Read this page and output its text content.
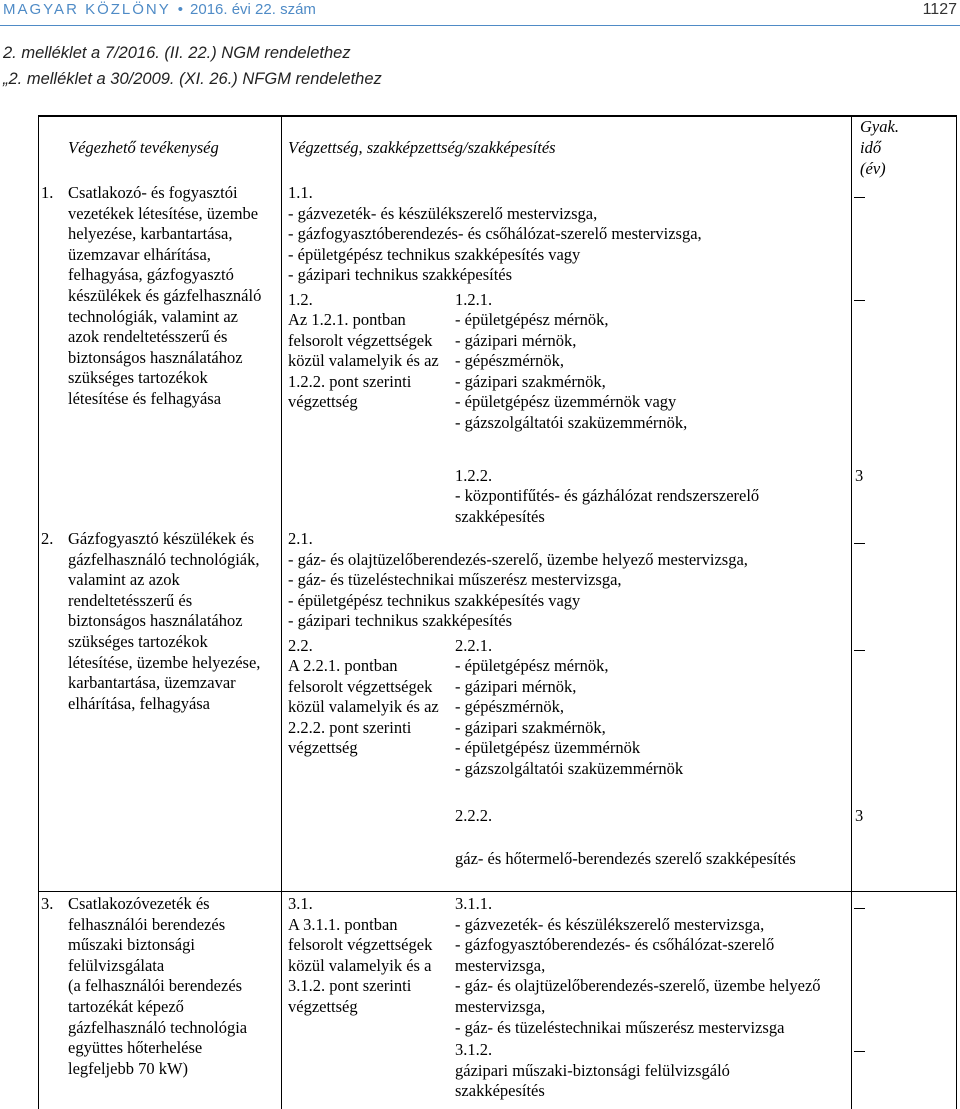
MAGYAR KÖZLÖNY • 2016. évi 22. szám	1127
2. melléklet a 7/2016. (II. 22.) NGM rendelethez
„2. melléklet a 30/2009. (XI. 26.) NFGM rendelethez
Végezhető tevékenység	Végzettség, szakképzettség/szakképesítés
Gyak.
idő
(év)
1. Csatlakozó- és fogyasztói
vezetékek létesítése, üzembe
helyezése, karbantartása,
üzemzavar elhárítása,
felhagyása, gázfogyasztó
készülékek és gázfelhasználó
technológiák, valamint az
azok rendeltetésszerű és
biztonságos használatához
szükséges tartozékok
létesítése és felhagyása
1.1.
- gázvezeték- és készülékszerelő mestervizsga,
- gázfogyasztóberendezés- és csőhálózat-szerelő mestervizsga,
- épületgépész technikus szakképesítés vagy
- gázipari technikus szakképesítés
1.2.
Az 1.2.1. pontban
felsorolt végzettségek
közül valamelyik és az
1.2.2. pont szerinti
végzettség
1.2.1.
- épületgépész mérnök,
- gázipari mérnök,
- gépészmérnök,
- gázipari szakmérnök,
- épületgépész üzemmérnök vagy
- gázszolgáltatói szaküzemmérnök,
1.2.2.
- központifűtés- és gázhálózat rendszerszerelő
szakképesítés
3
2. Gázfogyasztó készülékek és
gázfelhasználó technológiák,
valamint az azok
rendeltetésszerű és
biztonságos használatához
szükséges tartozékok
létesítése, üzembe helyezése,
karbantartása, üzemzavar
elhárítása, felhagyása
2.1.
- gáz- és olajtüzelőberendezés-szerelő, üzembe helyező mestervizsga,
- gáz- és tüzeléstechnikai műszerész mestervizsga,
- épületgépész technikus szakképesítés vagy
- gázipari technikus szakképesítés
2.2.
A 2.2.1. pontban
felsorolt végzettségek
közül valamelyik és az
2.2.2. pont szerinti
végzettség
2.2.1.
- épületgépész mérnök,
- gázipari mérnök,
- gépészmérnök,
- gázipari szakmérnök,
- épületgépész üzemmérnök
- gázszolgáltatói szaküzemmérnök
2.2.2.
gáz- és hőtermelő-berendezés szerelő szakképesítés
3
3. Csatlakozóvezeték és
felhasználói berendezés
műszaki biztonsági
felülvizsgálata
(a felhasználói berendezés
tartozékát képező
gázfelhasználó technológia
együttes hőterhelése
legfeljebb 70 kW)
3.1.
A 3.1.1. pontban
felsorolt végzettségek
közül valamelyik és a
3.1.2. pont szerinti
végzettség
3.1.1.
- gázvezeték- és készülékszerelő mestervizsga,
- gázfogyasztóberendezés- és csőhálózat-szerelő
mestervizsga,
- gáz- és olajtüzelőberendezés-szerelő, üzembe helyező
mestervizsga,
- gáz- és tüzeléstechnikai műszerész mestervizsga
3.1.2.
gázipari műszaki-biztonsági felülvizsgáló
szakképesítés
